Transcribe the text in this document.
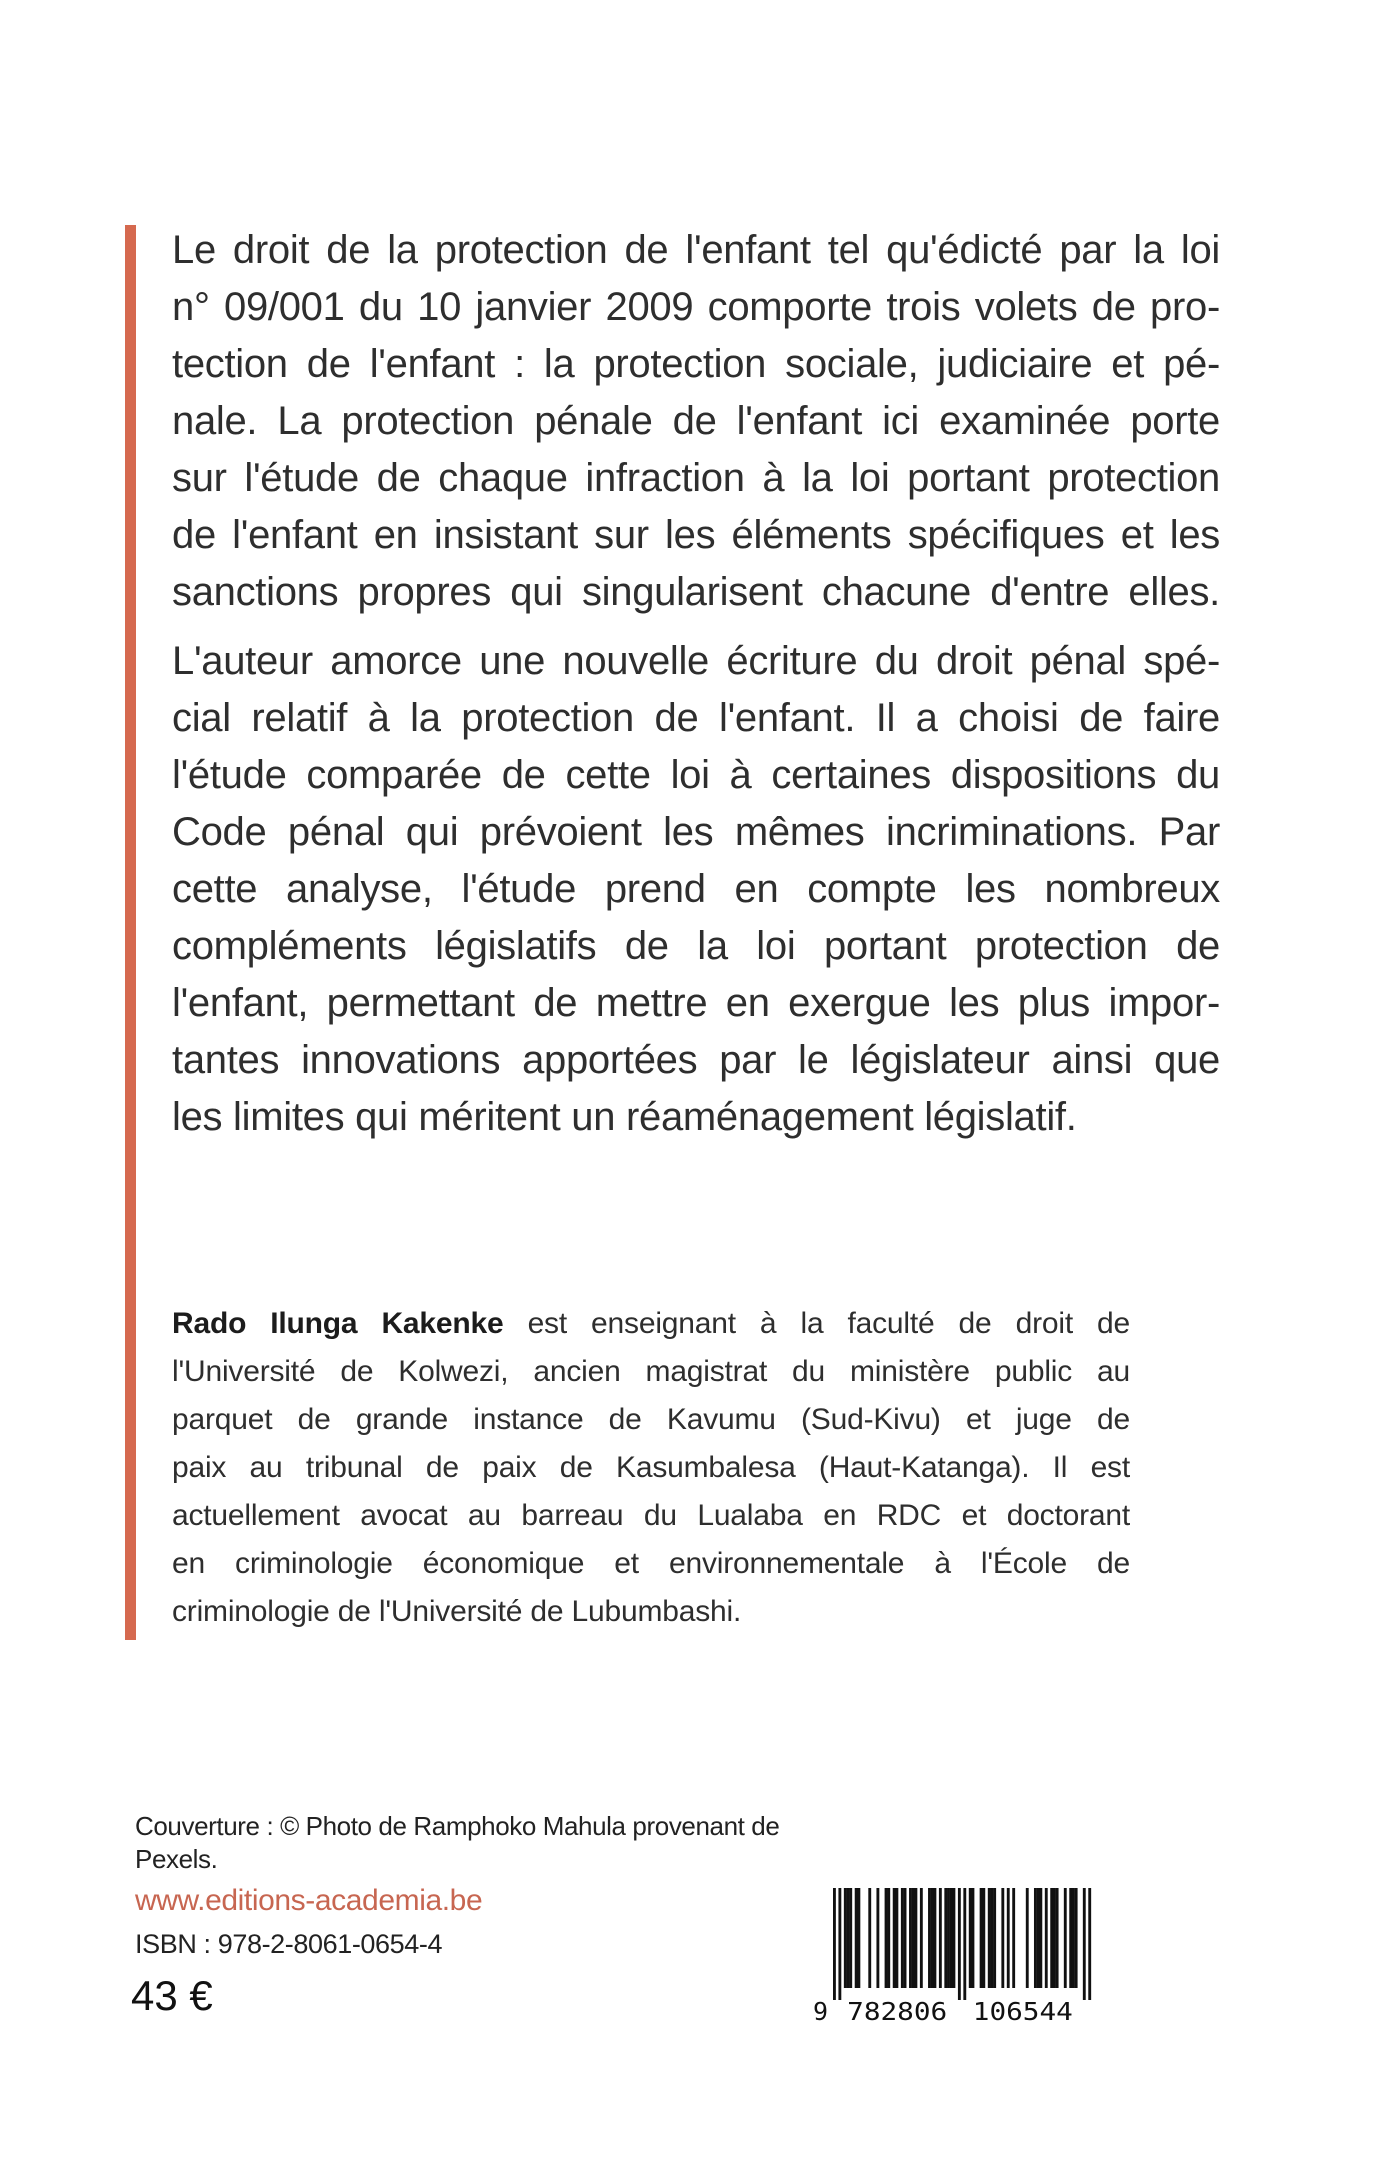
Le droit de la protection de l'enfant tel qu'édicté par la loi
n° 09/001 du 10 janvier 2009 comporte trois volets de pro-
tection de l'enfant : la protection sociale, judiciaire et pé-
nale. La protection pénale de l'enfant ici examinée porte
sur l'étude de chaque infraction à la loi portant protection
de l'enfant en insistant sur les éléments spécifiques et les
sanctions propres qui singularisent chacune d'entre elles.
L'auteur amorce une nouvelle écriture du droit pénal spé-
cial relatif à la protection de l'enfant. Il a choisi de faire
l'étude comparée de cette loi à certaines dispositions du
Code pénal qui prévoient les mêmes incriminations. Par
cette analyse, l'étude prend en compte les nombreux
compléments législatifs de la loi portant protection de
l'enfant, permettant de mettre en exergue les plus impor-
tantes innovations apportées par le législateur ainsi que
les limites qui méritent un réaménagement législatif.
Rado Ilunga Kakenke est enseignant à la faculté de droit de
l'Université de Kolwezi, ancien magistrat du ministère public au
parquet de grande instance de Kavumu (Sud-Kivu) et juge de
paix au tribunal de paix de Kasumbalesa (Haut-Katanga). Il est
actuellement avocat au barreau du Lualaba en RDC et doctorant
en criminologie économique et environnementale à l'École de
criminologie de l'Université de Lubumbashi.
Couverture : © Photo de Ramphoko Mahula provenant de
Pexels.
www.editions-academia.be
ISBN : 978-2-8061-0654-4
43 €	9 782806 106544
